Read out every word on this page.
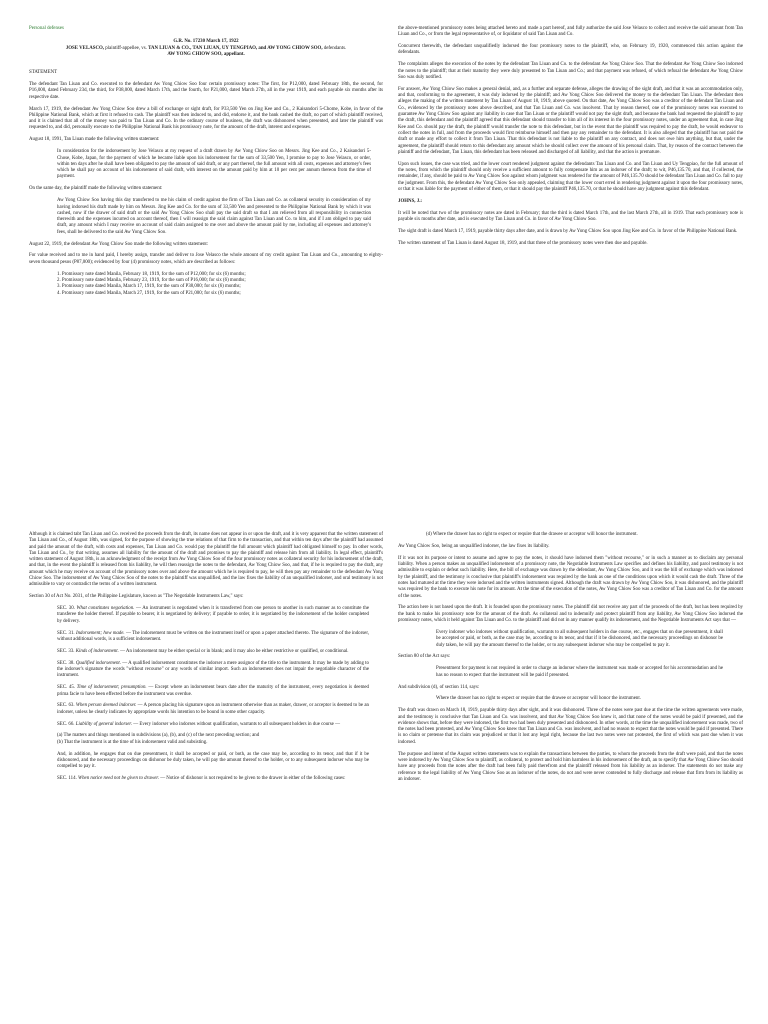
Personal defenses

G.R. No. 17230 March 17, 1922

JOSE VELASCO, plaintiff-appellee, vs. TAN LIUAN & CO., TAN LIUAN, UY TENGPIAO, and AW YONG CHIOW SOO, defendants.

AW YONG CHIOW SOO, appellant.

STATEMENT

The defendant Tan Liuan and Co. executed to the defendant Aw Yong Chiow Soo four certain promissory notes: The first, for P12,000, dated February 18th, the second, for P16,000, dated February 23d, the third, for P38,000, dated March 17th, and the fourth, for P21,000, dated March 27th, all in the year 1919, and each payable six months after its respective date.

March 17, 1919, the defendant Aw Yong Chiow Soo drew a bill of exchange or sight draft, for P33,500 Yen on Jing Kee and Co., 2 Kaisandori 5-Chome, Kobe, in favor of the Philippine National Bank, which at first it refused to cash. The plaintiff was then induced to, and did, endorse it, and the bank cashed the draft, no part of which plaintiff received, and it is claimed that all of the money was paid to Tan Liuan and Co. In the ordinary course of business, the draft was dishonored when presented, and later the plaintiff was requested to, and did, personally execute to the Philippine National Bank his promissory note, for the amount of the draft, interest and expenses.

August 18, 1991, Tan Liuan made the following written statement:

In consideration for the indorsement by Jose Velasco at my request of a draft drawn by Aw Yong Chiow Soo on Messrs. Jing Kee and Co., 2 Kaisandori 5-Chose, Kobe, Japan, for the payment of which he became liable upon his indorsement for the sum of 33,500 Yen, I promise to pay to Jose Velasco, or order, within ten days after he shall have been obligated to pay the amount of said draft, or any part thereof, the full amount with all costs, expenses and attorney's fees which he shall pay on account of his indorsement of said draft, with interest on the amount paid by him at 10 per cent per annum thereon from the time of payment.

On the same day, the plaintiff made the following written statement:

Aw Yong Chiow Soo having this day transferred to me his claim of credit against the firm of Tan Liuan and Co. as collateral security in consideration of my having indorsed his draft made by him on Messrs. Jing Kee and Co. for the sum of 33,500 Yen and presented to the Philippine National Bank by which it was cashed, now if the drawer of said draft or the said Aw Yong Chiow Soo shall pay the said draft so that I am relieved from all responsibility in connection therewith and the expenses incurred on account thereof, then I will reassign the said claim against Tan Liuan and Co. to him, and if I am obliged to pay said draft, any amount which I may receive on account of said claim assigned to me over and above the amount paid by me, including all expenses and attorney's fees, shall be delivered to the said Aw Yong Chiow Soo.

August 22, 1919, the defendant Aw Yong Chiow Soo made the following written statement:

For value received and to me in hand paid, I hereby assign, transfer and deliver to Jose Velasco the whole amount of my credit against Tan Liuan and Co., amounting to eighty-seven thousand pesos (P87,000); evidenced by four (4) promissory notes, which are described as follows:

1. Promissory note dated Manila, February 18, 1919, for the sum of P12,000; for six (6) months;
2. Promissory note dated Manila, February 23, 1919, for the sum of P16,000; for six (6) months;
3. Promissory note dated Manila, March 17, 1919, for the sum of P38,000; for six (6) months;
4. Promissory note dated Manila, March 27, 1919, for the sum of P21,000; for six (6) months;

the above-mentioned promissory notes being attached hereto and made a part hereof, and fully authorize the said Jose Velasco to collect and receive the said amount from Tan Liuan and Co., or from the legal representative of, or liquidator of said Tan Liuan and Co.

Concurrent therewith, the defendant unqualifiedly indorsed the four promissory notes to the plaintiff, who, on February 19, 1920, commenced this action against the defendants.

The complaints alleges the execution of the notes by the defendant Tan Liuan and Co. to the defendant Aw Yong Chiow Soo. That the defendant Aw Yong Chiow Soo indorsed the notes to the plaintiff; that at their maturity they were duly presented to Tan Liuan and Co.; and that payment was refused, of which refusal the defendant Aw Yong Chiow Soo was duly notified.

For answer, Aw Yong Chiow Soo makes a general denial, and, as a further and separate defense, alleges the drawing of the sight draft, and that it was an accommodation only, and that, conforming to the agreement, it was duly indorsed by the plaintiff; and Aw Yong Chiow Soo delivered the money to the defendant Tan Liuan. The defendant then alleges the making of the written statement by Tan Liuan of August 18, 1919, above quoted. On that date, Aw Yong Chiow Soo was a creditor of the defendant Tan Liuan and Co., evidenced by the promissory notes above described, and that Tan Liuan and Co. was insolvent. That by reason thereof, one of the promissory notes was executed to guarantee Aw Yong Chiow Soo against any liability in case that Tan Liuan or the plaintiff would not pay the sight draft, and because the bank had requested the plaintiff to pay the draft, this defendant and the plaintiff agreed that this defendant should transfer to him all of its interest in the four promissory notes, under an agreement that, in case Jing Kee and Co. should pay the draft, the plaintiff would transfer the note to this defendant, but in the event that the plaintiff was required to pay the draft, he would endeavor to collect the notes in full, and from the proceeds would first reimburse himself and then pay any remainder to the defendant. It is also alleged that the plaintiff has not paid the draft or made any effort to collect it from Tan Liuan. That this defendant is not liable to the plaintiff on any contract, and does not owe him anything, but that, under the agreement, the plaintiff should return to this defendant any amount which he should collect over the amount of his personal claim. That, by reason of the contract between the plaintiff and the defendant, Tan Liuan, this defendant has been released and discharged of all liability, and that the action is premature.

Upon such issues, the case was tried, and the lower court rendered judgment against the defendants Tan Liuan and Co. and Tan Liuan and Uy Tengpiao, for the full amount of the notes, from which the plaintiff should only receive a sufficient amount to fully compensate him as an indorser of the draft; to wit, P46,135.70, and that, if collected, the remainder, if any, should be paid to Aw Yong Chiow Soo against whom judgment was rendered for the amount of P46,135.70 should be defendant Tan Liuan and Co. fail to pay the judgment. From this, the defendant Aw Yong Chiow Soo only appealed, claiming that the lower court erred in rendering judgment against it upon the four promissory notes, or that it was liable for the payment of either of them, or that it should pay the plaintiff P46,135.70, or that he should have any judgment against this defendant.

JOHNS, J.:

It will be noted that two of the promissory notes are dated in February; that the third is dated March 17th, and the last March 27th, all in 1919. That each promissory note is payable six months after date, and is executed by Tan Liuan and Co. in favor of Aw Yong Chiow Soo.

The sight draft is dated March 17, 1919, payable thirty days after date, and is drawn by Aw Yong Chiow Soo upon Jing Kee and Co. in favor of the Philippine National Bank.

The written statement of Tan Liuan is dated August 18, 1919, and that three of the promissory notes were then due and payable.

Although it is claimed tabt Tan Liuan and Co. received the proceeds from the draft, its name does not appear in or upon the draft, and it is very apparent that the written statement of Tan Liuan and Co., of August 18th, was signed, for the purpose of showing the true relations of that firm to the transaction, and that within ten days after the plaintiff had assumed and paid the amount of the draft, with costs and expenses, Tan Liuan and Co. would pay the plaintiff the full amount which plaintiff had obligated himself to pay. In other words, Tan Liuan and Co., by that writing, assumes all liability for the amount of the draft and promises to pay the plaintiff and release him from all liability. In legal effect, plaintiff's written statement of August 18th, is an acknowledgment of the receipt from Aw Yong Chiow Soo of the four promissory notes as collateral security for his indorsement of the draft, and that, in the event the plaintiff is released from his liability, he will then reassign the notes to the defendant, Aw Yong Chiow Soo, and that, if he is required to pay the draft, any amount which he may receive on account of the promissory notes over and above the amount which he is required to pay, he will then pay any remainder to the defendant Aw Yong Chiow Soo. The indorsement of Aw Yong Chiow Soo of the notes to the plaintiff was unqualified, and the law fixes the liability of an unqualified indorser, and oral testimony is not admissible to vary or contradict the terms of a written instrument.

Section 30 of Act No. 2031, of the Philippine Legislature, known as "The Negotiable Instruments Law," says:

SEC. 30. What constitutes negotiation. — An instrument is negotiated when it is transferred from one person to another in such manner as to constitute the transferee the holder thereof. If payable to bearer, it is negotiated by delivery; if payable to order, it is negotiated by the indorsement of the holder completed by delivery.

SEC. 31. Indorsement; how made. — The indorsement must be written on the instrument itself or upon a paper attached thereto. The signature of the indorser, without additional words, is a sufficient indorsement.

SEC. 33. Kinds of indorsement. — An indorsement may be either special or in blank; and it may also be either restrictive or qualified, or conditional.

SEC. 38. Qualified indorsement. — A qualified indorsement constitutes the indorser a mere assignor of the title to the instrument. It may be made by adding to the indorser's signature the words "without recourse" or any words of similar import. Such an indorsement does not impair the negotiable character of the instrument.

SEC. 45. Time of indorsement; presumption. — Except where an indorsement bears date after the maturity of the instrument, every negotiation is deemed prima facie to have been effected before the instrument was overdue.

SEC. 63. When person deemed indorser. — A person placing his signature upon an instrument otherwise than as maker, drawer, or acceptor is deemed to be an indorser, unless he clearly indicates by appropriate words his intention to be bound in some other capacity.

SEC. 66. Liability of general indorser. — Every indorser who indorses without qualification, warrants to all subsequent holders in due course —

(a) The matters and things mentioned in subdivisions (a), (b), and (c) of the next preceding section; and
(b) That the instrument is at the time of his indorsement valid and subsisting.

And, in addition, he engages that on due presentment, it shall be accepted or paid, or both, as the case may be, according to its tenor, and that if it be dishonored, and the necessary proceedings on dishonor be duly taken, he will pay the amount thereof to the holder, or to any subsequent indorser who may be compelled to pay it.

SEC. 114. When notice need not be given to drawer. — Notice of dishonor is not required to be given to the drawer in either of the following cases:

(d) Where the drawer has no right to expect or require that the drawee or acceptor will honor the instrument.

Aw Yong Chiow Soo, being an unqualified indorser, the law fixes its liability.

If it was not its purpose or intent to assume and agree to pay the notes, it should have indorsed them "without recourse," or in such a manner as to disclaim any personal liability. When a person makes an unqualified indorsement of a promissory note, the Negotiable Instruments Law specifies and defines his liability, and parol testimony is not admissible to explain or defeat such liability. Here, the bill of exchange was drawn by the defendant, Aw Yong Chiow Soo, and it was the bill of exchange which was indorsed by the plaintiff, and the testimony is conclusive that plaintiff's indorsement was required by the bank as one of the conditions upon which it would cash the draft. Three of the notes had matured at the time they were indorsed and the written instruments signed. Although the draft was drawn by Aw Yong Chiow Soo, it was dishonored, and the plaintiff was required by the bank to execute his note for its amount. At the time of the execution of the notes, Aw Yong Chiow Soo was a creditor of Tan Liuan and Co. for the amount of the notes.

The action here is not based upon the draft. It is founded upon the promissory notes. The plaintiff did not receive any part of the proceeds of the draft, but has been required by the bank to make his promissory note for the amount of the draft. As collateral and to indemnify and protect plaintiff from any liability, Aw Yong Chiow Soo indorsed the promissory notes, which it held against Tan Liuan and Co. to the plaintiff and did not in any manner qualify its indorsement, and the Negotiable Instruments Act says that —

Every indorser who indorses without qualification, warrants to all subsequent holders in due course, etc., engages that on due presentment, it shall be accepted or paid, or both, as the case may be, according to its tenor, and that if it be dishonored, and the necessary proceedings on dishonor be duly taken, he will pay the amount thereof to the holder, or to any subsequent indorser who may be compelled to pay it.

Section 80 of the Act says:

Presentment for payment is not required in order to charge an indorser where the instrument was made or accepted for his accommodation and he has no reason to expect that the instrument will be paid if presented.

And subdivision (d), of section 114, says:

Where the drawer has no right to expect or require that the drawee or acceptor will honor the instrument.

The draft was drawn on March 18, 1919, payable thirty days after sight, and it was dishonored. Three of the notes were past due at the time the written agreements were made, and the testimony is conclusive that Tan Liuan and Co. was insolvent, and that Aw Yong Chiow Soo knew it, and that none of the notes would be paid if presented, and the evidence shows that, before they were indorsed, the first two had been duly presented and dishonored. In other words, at the time the unqualified indorsement was made, two of the notes had been protested, and Aw Yong Chiow Soo knew that Tan Liuan and Co. was insolvent, and had no reason to expect that the notes would be paid if presented. There is no claim or pretense that its claim was prejudiced or that it lost any legal right, because the last two notes were not protested, the first of which was past due when it was indorsed.

The purpose and intent of the August written statements was to explain the transactions between the parties, to whom the proceeds from the draft were paid, and that the notes were indorsed by Aw Yong Chiow Soo to plaintiff, as collateral, to protect and hold him harmless in his indorsement of the draft, an to specify that Aw Yong Chiow Soo should have any proceeds from the notes after the draft had been fully paid therefrom and the plaintiff released from his liability as an indorser. The statements do not make any reference to the legal liability of Aw Yong Chiow Soo as an indorser of the notes, do not and were never contended to fully discharge and release that firm from its liability as an indorser.
